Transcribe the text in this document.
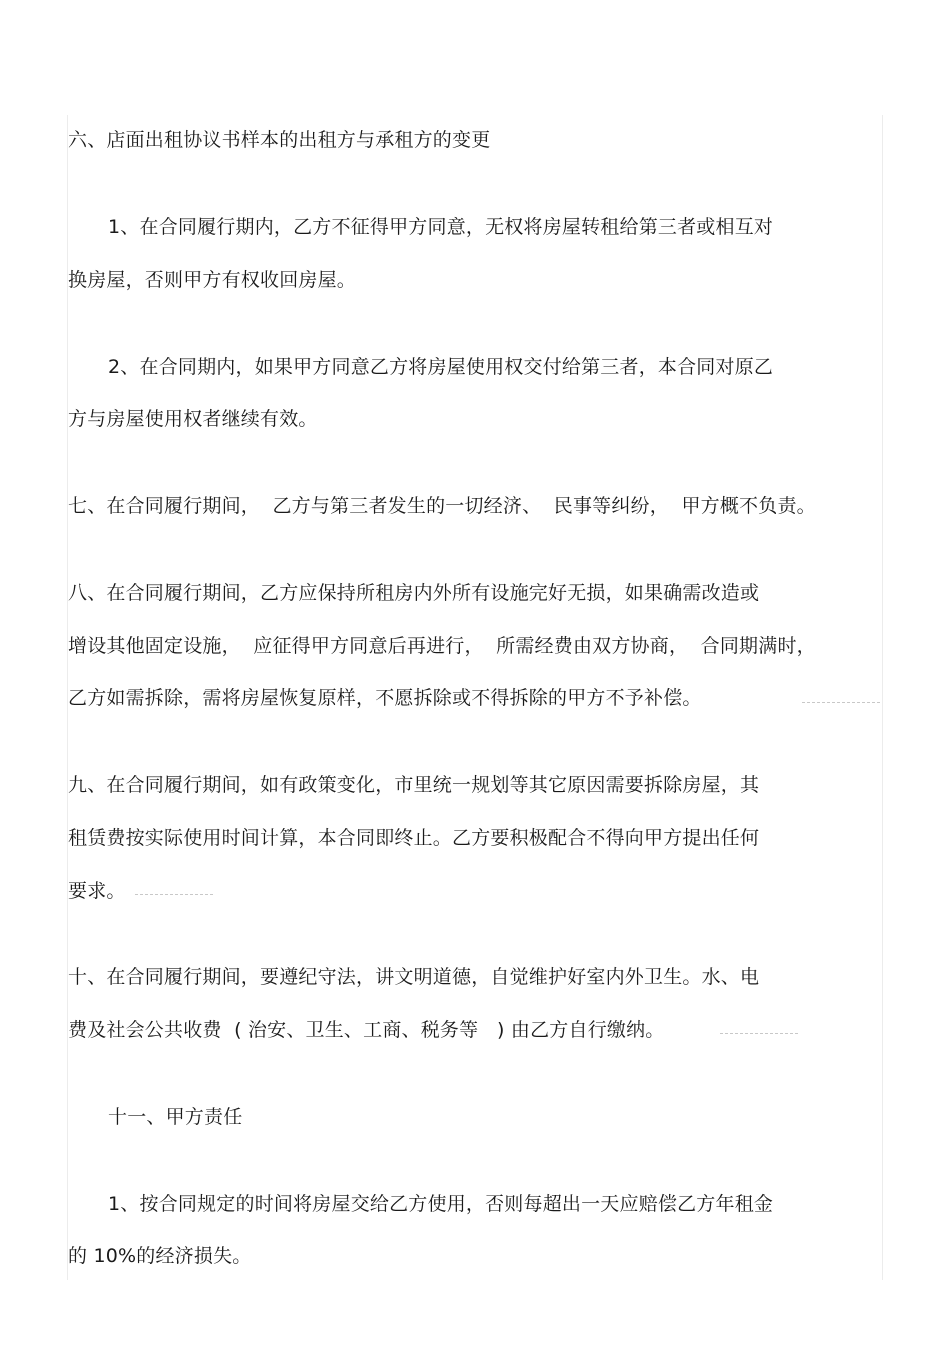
六、店面出租协议书样本的出租方与承租方的变更
1、在合同履行期内，乙方不征得甲方同意，无权将房屋转租给第三者或相互对
换房屋，否则甲方有权收回房屋。
2、在合同期内，如果甲方同意乙方将房屋使用权交付给第三者，本合同对原乙
方与房屋使用权者继续有效。
七、在合同履行期间，  乙方与第三者发生的一切经济、  民事等纠纷，  甲方概不负责。
八、在合同履行期间，乙方应保持所租房内外所有设施完好无损，如果确需改造或
增设其他固定设施，  应征得甲方同意后再进行，  所需经费由双方协商，  合同期满时，
乙方如需拆除，需将房屋恢复原样，不愿拆除或不得拆除的甲方不予补偿。
九、在合同履行期间，如有政策变化，市里统一规划等其它原因需要拆除房屋，其
租赁费按实际使用时间计算，本合同即终止。乙方要积极配合不得向甲方提出任何
要求。
十、在合同履行期间，要遵纪守法，讲文明道德，自觉维护好室内外卫生。水、电
费及社会公共收费  ( 治安、卫生、工商、税务等   ) 由乙方自行缴纳。
十一、甲方责任
1、按合同规定的时间将房屋交给乙方使用，否则每超出一天应赔偿乙方年租金
的 10%的经济损失。
